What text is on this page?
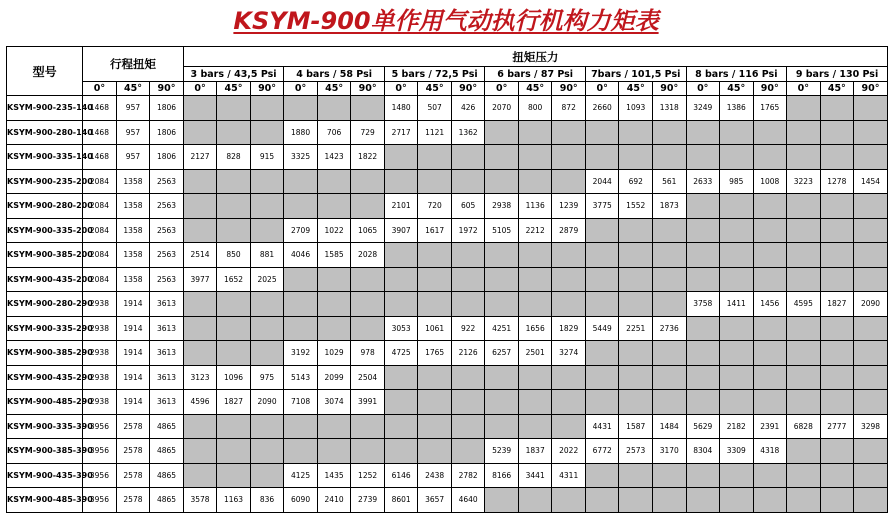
KSYM-900单作用气动执行机构力矩表
型号	行程扭矩			扭矩压力																				
				3 bars / 43,5 Psi			4 bars / 58 Psi			5 bars / 72,5 Psi			6 bars / 87 Psi			7bars / 101,5 Psi			8 bars / 116 Psi			9 bars / 130 Psi		
	0°	45°	90°	0°	45°	90°	0°	45°	90°	0°	45°	90°	0°	45°	90°	0°	45°	90°	0°	45°	90°	0°	45°	90°
KSYM-900-235-140	1468	957	1806							1480	507	426	2070	800	872	2660	1093	1318	3249	1386	1765			
KSYM-900-280-140	1468	957	1806				1880	706	729	2717	1121	1362												
KSYM-900-335-140	1468	957	1806	2127	828	915	3325	1423	1822															
KSYM-900-235-200	2084	1358	2563													2044	692	561	2633	985	1008	3223	1278	1454
KSYM-900-280-200	2084	1358	2563							2101	720	605	2938	1136	1239	3775	1552	1873						
KSYM-900-335-200	2084	1358	2563				2709	1022	1065	3907	1617	1972	5105	2212	2879									
KSYM-900-385-200	2084	1358	2563	2514	850	881	4046	1585	2028															
KSYM-900-435-200	2084	1358	2563	3977	1652	2025																		
KSYM-900-280-290	2938	1914	3613																3758	1411	1456	4595	1827	2090
KSYM-900-335-290	2938	1914	3613							3053	1061	922	4251	1656	1829	5449	2251	2736						
KSYM-900-385-290	2938	1914	3613				3192	1029	978	4725	1765	2126	6257	2501	3274									
KSYM-900-435-290	2938	1914	3613	3123	1096	975	5143	2099	2504															
KSYM-900-485-290	2938	1914	3613	4596	1827	2090	7108	3074	3991															
KSYM-900-335-390	3956	2578	4865													4431	1587	1484	5629	2182	2391	6828	2777	3298
KSYM-900-385-390	3956	2578	4865										5239	1837	2022	6772	2573	3170	8304	3309	4318			
KSYM-900-435-390	3956	2578	4865				4125	1435	1252	6146	2438	2782	8166	3441	4311									
KSYM-900-485-390	3956	2578	4865	3578	1163	836	6090	2410	2739	8601	3657	4640												
